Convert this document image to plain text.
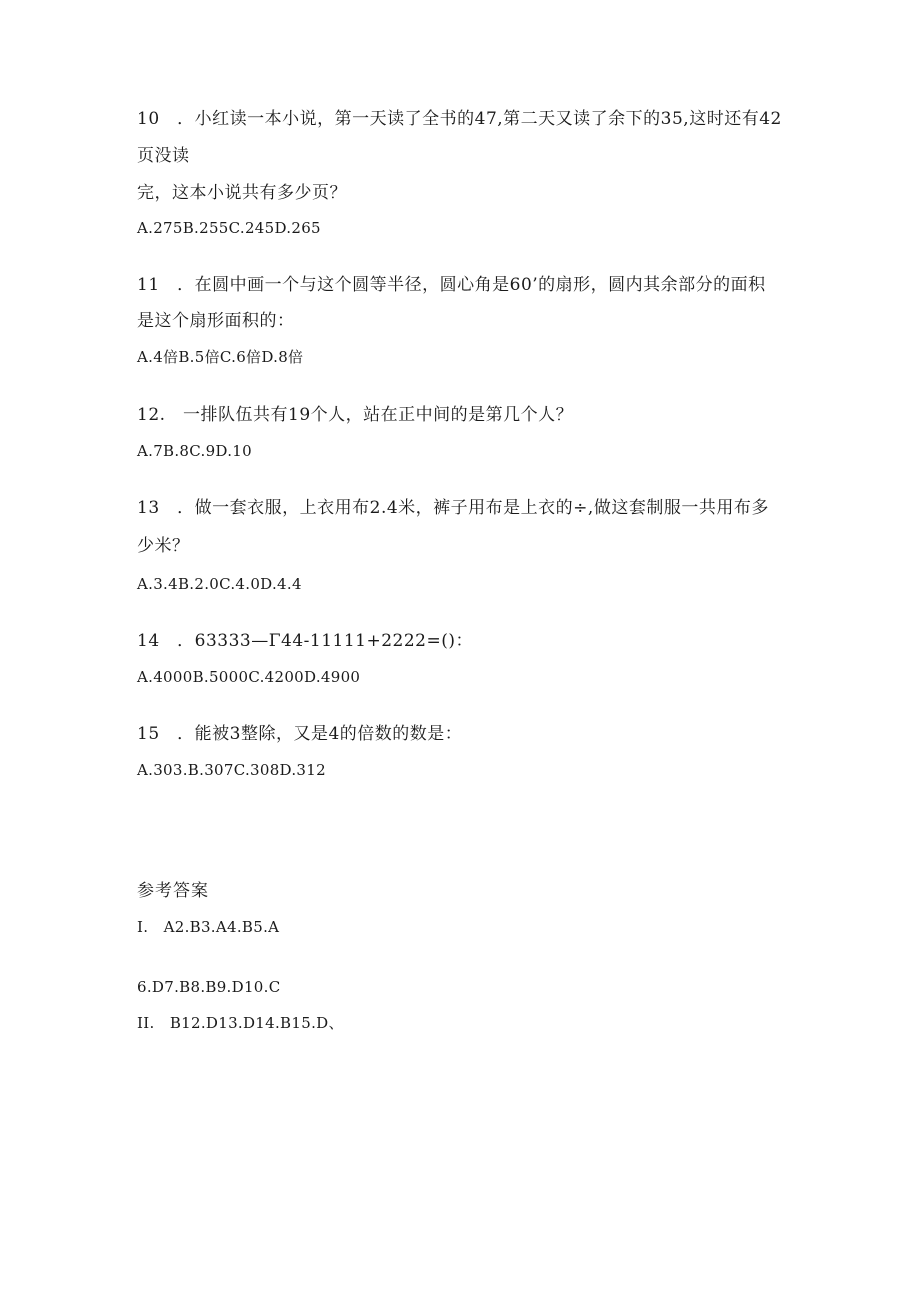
10　．小红读一本小说，第一天读了全书的47,第二天又读了余下的35,这时还有42
页没读
完，这本小说共有多少页？
A.275B.255C.245D.265
11　．在圆中画一个与这个圆等半径，圆心角是60’的扇形，圆内其余部分的面积
是这个扇形面积的：
A.4倍B.5倍C.6倍D.8倍
12.　一排队伍共有19个人，站在正中间的是第几个人？
A.7B.8C.9D.10
13　．做一套衣服，上衣用布2.4米，裤子用布是上衣的÷,做这套制服一共用布多
少米？
A.3.4B.2.0C.4.0D.4.4
14　．63333—Γ44-11111+2222=()：
A.4000B.5000C.4200D.4900
15　．能被3整除，又是4的倍数的数是：
A.303.B.307C.308D.312
参考答案
I.　A2.B3.A4.B5.A
6.D7.B8.B9.D10.C
II.　B12.D13.D14.B15.D、
